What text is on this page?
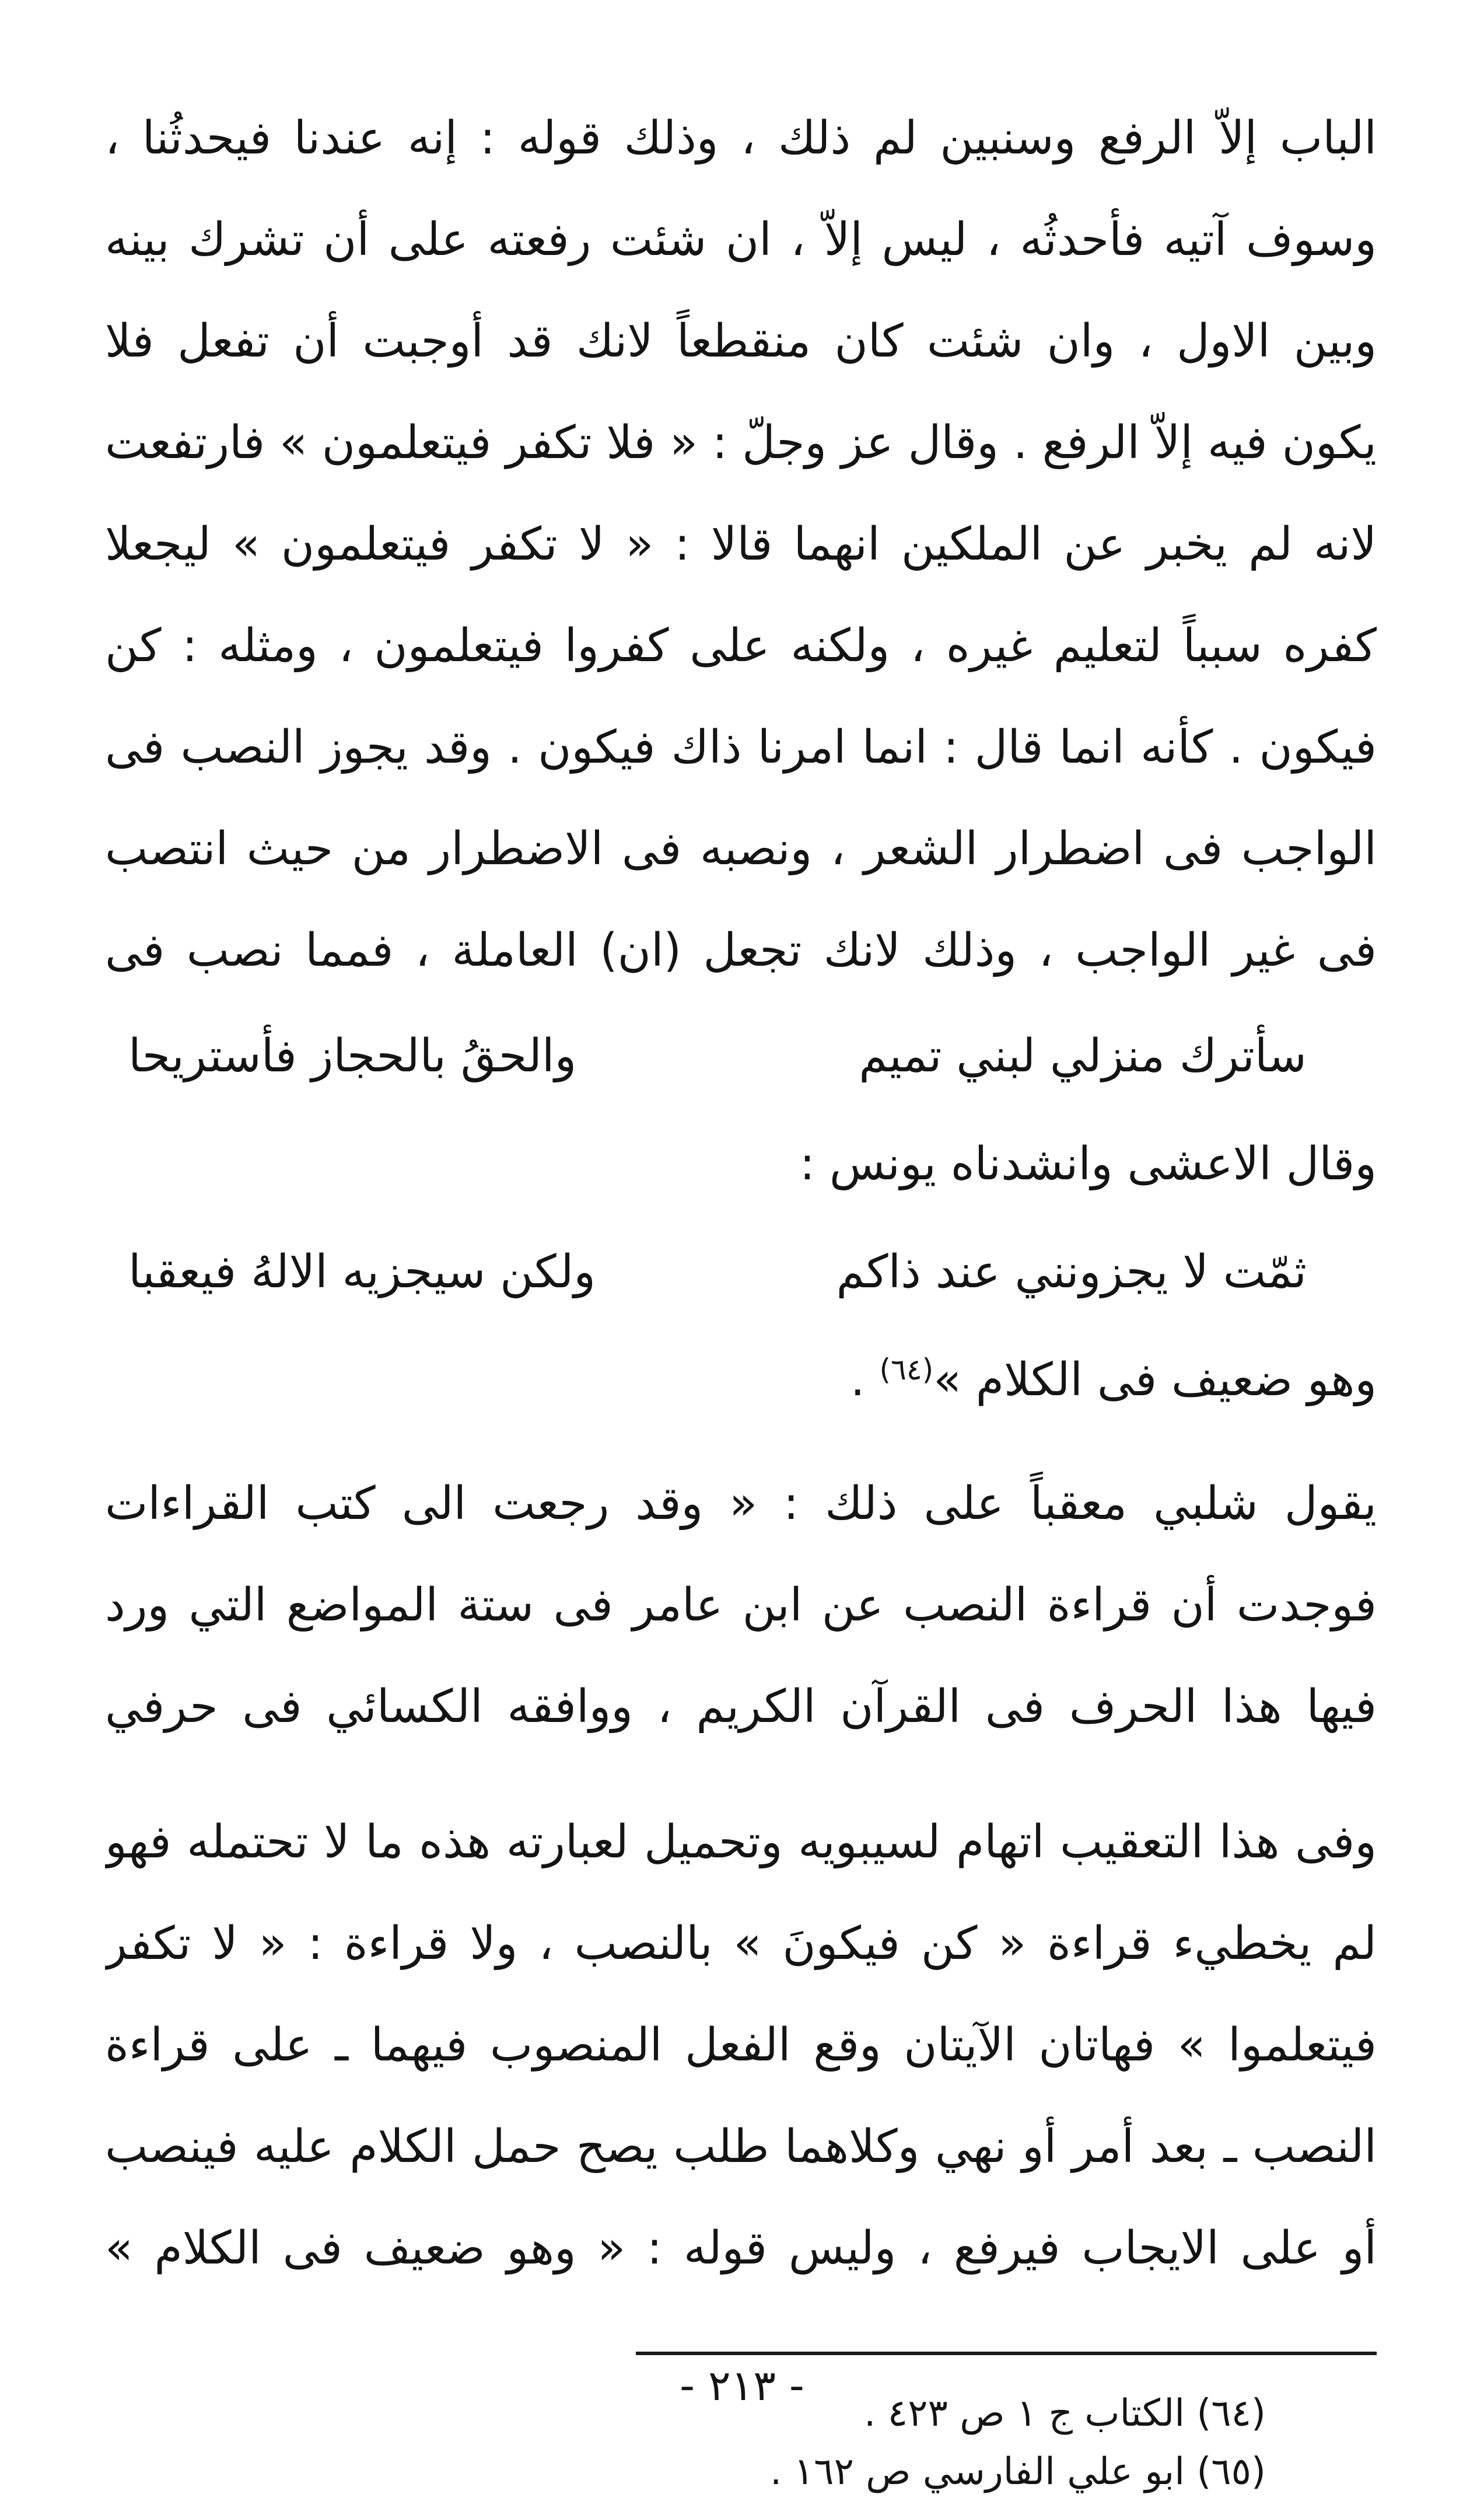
الباب إلاّ الرفع وسنبين لم ذلك ، وذلك قوله : إنه عندنا فيحدثُنا ، وسوف آتيه فأحدثُه ، ليس إلاّ ، ان شئت رفعته على أن تشرك بينه وبين الاول ، وان شئت كان منقطعاً لانك قد أوجبت أن تفعل فلا يكون فيه إلاّ الرفع . وقال عز وجلّ : « فلا تكفر فيتعلمون » فارتفعت لانه لم يخبر عن الملكين انهما قالا : « لا تكفر فيتعلمون » ليجعلا كفره سبباً لتعليم غيره ، ولكنه على كفروا فيتعلمون ، ومثله : كن فيكون . كأنه انما قال : انما امرنا ذاك فيكون . وقد يجوز النصب فى الواجب فى اضطرار الشعر ، ونصبه فى الاضطرار من حيث انتصب فى غير الواجب ، وذلك لانك تجعل (ان) العاملة ، فمما نصب فى

سأترك منزلي لبني تميم
والحقُ بالحجاز فأستريحا
وقال الاعشى وانشدناه يونس :
ثمّت لا يجزونني عند ذاكم
ولكن سيجزيه الالهُ فيعقبا
وهو ضعيف فى الكلام »$^{(٦٤)}$ .

يقول شلبي معقباً على ذلك : « وقد رجعت الى كتب القراءات فوجدت أن قراءة النصب عن ابن عامر فى ستة المواضع التي ورد فيها هذا الحرف فى القرآن الكريم ، ووافقه الكسائي فى حرفي

وفى هذا التعقيب اتهام لسيبويه وتحميل لعبارته هذه ما لا تحتمله فهو لم يخطيء قراءة « كن فيكونَ » بالنصب ، ولا قراءة : « لا تكفر فيتعلموا » فهاتان الآيتان وقع الفعل المنصوب فيهما ـ على قراءة النصب ـ بعد أمر أو نهي وكلاهما طلب يصح حمل الكلام عليه فينصب أو على الايجاب فيرفع ، وليس قوله : « وهو ضعيف فى الكلام »

(٦٤) الكتاب ج ١ ص ٤٢٣ .
(٦٥) ابو علي الفارسي ص ١٦٢ .
- ٢١٣ -
